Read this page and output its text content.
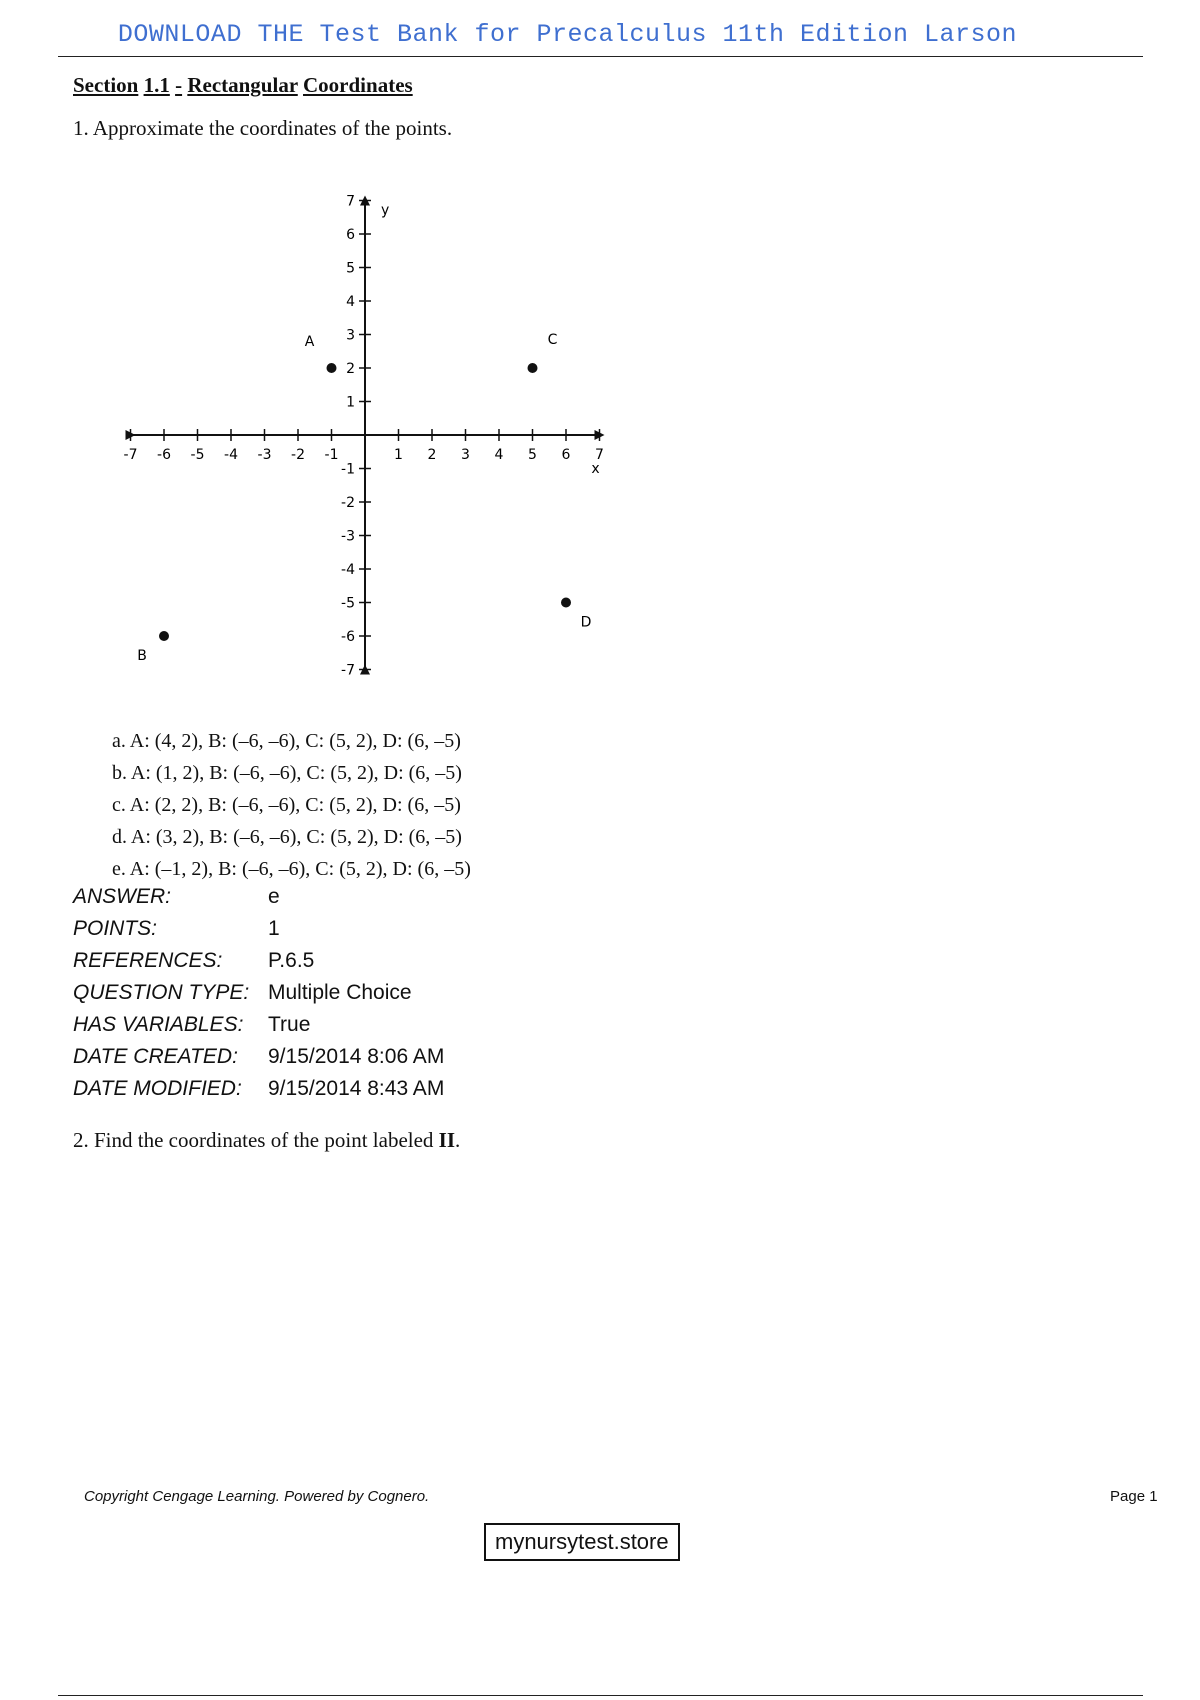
DOWNLOAD THE Test Bank for Precalculus 11th Edition Larson
Section 1.1 - Rectangular Coordinates
1. Approximate the coordinates of the points.
x
y
-7 -6 -5 -4 -3 -2 -1	1 2 3 4 5 6 7
7
6
5
4
3
2
1
-1
-2
-3
-4
-5
-6
-7
A
B
C
D
a. A: (4, 2), B: (–6, –6), C: (5, 2), D: (6, –5)
b. A: (1, 2), B: (–6, –6), C: (5, 2), D: (6, –5)
c. A: (2, 2), B: (–6, –6), C: (5, 2), D: (6, –5)
d. A: (3, 2), B: (–6, –6), C: (5, 2), D: (6, –5)
e. A: (–1, 2), B: (–6, –6), C: (5, 2), D: (6, –5)
ANSWER:	e
POINTS:	1
REFERENCES: P.6.5
QUESTION TYPE: Multiple Choice
HAS VARIABLES: True
DATE CREATED: 9/15/2014 8:06 AM
DATE MODIFIED: 9/15/2014 8:43 AM
2. Find the coordinates of the point labeled II.
Copyright Cengage Learning. Powered by Cognero.	Page 1
mynursytest.store
